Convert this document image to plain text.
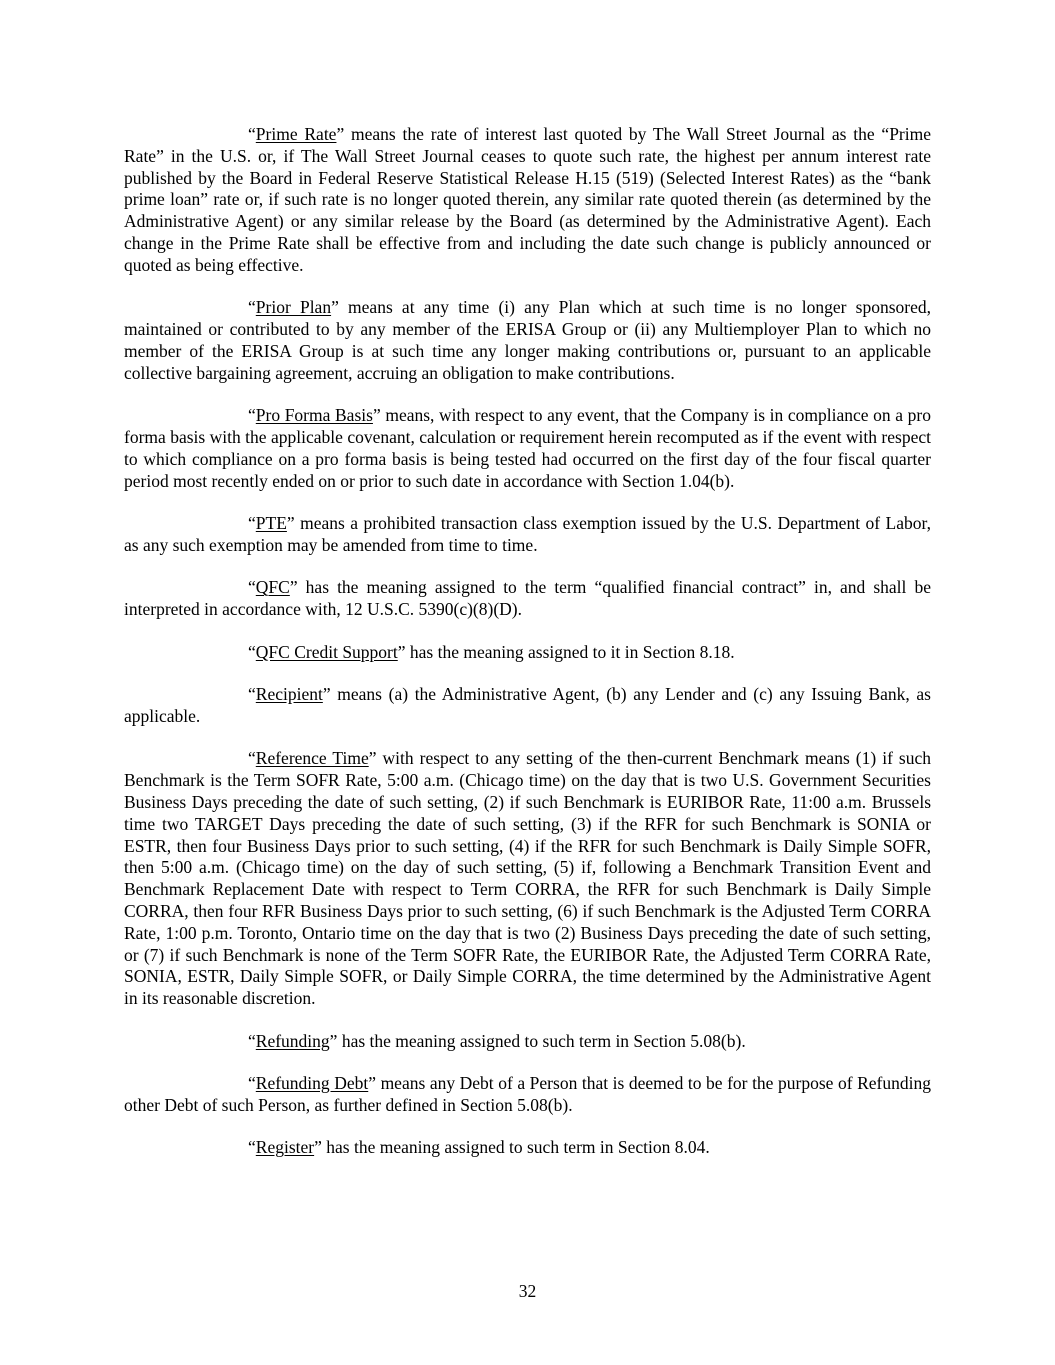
“Prime Rate” means the rate of interest last quoted by The Wall Street Journal as the “Prime Rate” in the U.S. or, if The Wall Street Journal ceases to quote such rate, the highest per annum interest rate published by the Board in Federal Reserve Statistical Release H.15 (519) (Selected Interest Rates) as the “bank prime loan” rate or, if such rate is no longer quoted therein, any similar rate quoted therein (as determined by the Administrative Agent) or any similar release by the Board (as determined by the Administrative Agent). Each change in the Prime Rate shall be effective from and including the date such change is publicly announced or quoted as being effective.

“Prior Plan” means at any time (i) any Plan which at such time is no longer sponsored, maintained or contributed to by any member of the ERISA Group or (ii) any Multiemployer Plan to which no member of the ERISA Group is at such time any longer making contributions or, pursuant to an applicable collective bargaining agreement, accruing an obligation to make contributions.

“Pro Forma Basis” means, with respect to any event, that the Company is in compliance on a pro forma basis with the applicable covenant, calculation or requirement herein recomputed as if the event with respect to which compliance on a pro forma basis is being tested had occurred on the first day of the four fiscal quarter period most recently ended on or prior to such date in accordance with Section 1.04(b).

“PTE” means a prohibited transaction class exemption issued by the U.S. Department of Labor, as any such exemption may be amended from time to time.

“QFC” has the meaning assigned to the term “qualified financial contract” in, and shall be interpreted in accordance with, 12 U.S.C. 5390(c)(8)(D).

“QFC Credit Support” has the meaning assigned to it in Section 8.18.

“Recipient” means (a) the Administrative Agent, (b) any Lender and (c) any Issuing Bank, as applicable.

“Reference Time” with respect to any setting of the then-current Benchmark means (1) if such Benchmark is the Term SOFR Rate, 5:00 a.m. (Chicago time) on the day that is two U.S. Government Securities Business Days preceding the date of such setting, (2) if such Benchmark is EURIBOR Rate, 11:00 a.m. Brussels time two TARGET Days preceding the date of such setting, (3) if the RFR for such Benchmark is SONIA or ESTR, then four Business Days prior to such setting, (4) if the RFR for such Benchmark is Daily Simple SOFR, then 5:00 a.m. (Chicago time) on the day of such setting, (5) if, following a Benchmark Transition Event and Benchmark Replacement Date with respect to Term CORRA, the RFR for such Benchmark is Daily Simple CORRA, then four RFR Business Days prior to such setting, (6) if such Benchmark is the Adjusted Term CORRA Rate, 1:00 p.m. Toronto, Ontario time on the day that is two (2) Business Days preceding the date of such setting, or (7) if such Benchmark is none of the Term SOFR Rate, the EURIBOR Rate, the Adjusted Term CORRA Rate, SONIA, ESTR, Daily Simple SOFR, or Daily Simple CORRA, the time determined by the Administrative Agent in its reasonable discretion.

“Refunding” has the meaning assigned to such term in Section 5.08(b).

“Refunding Debt” means any Debt of a Person that is deemed to be for the purpose of Refunding other Debt of such Person, as further defined in Section 5.08(b).

“Register” has the meaning assigned to such term in Section 8.04.

32
